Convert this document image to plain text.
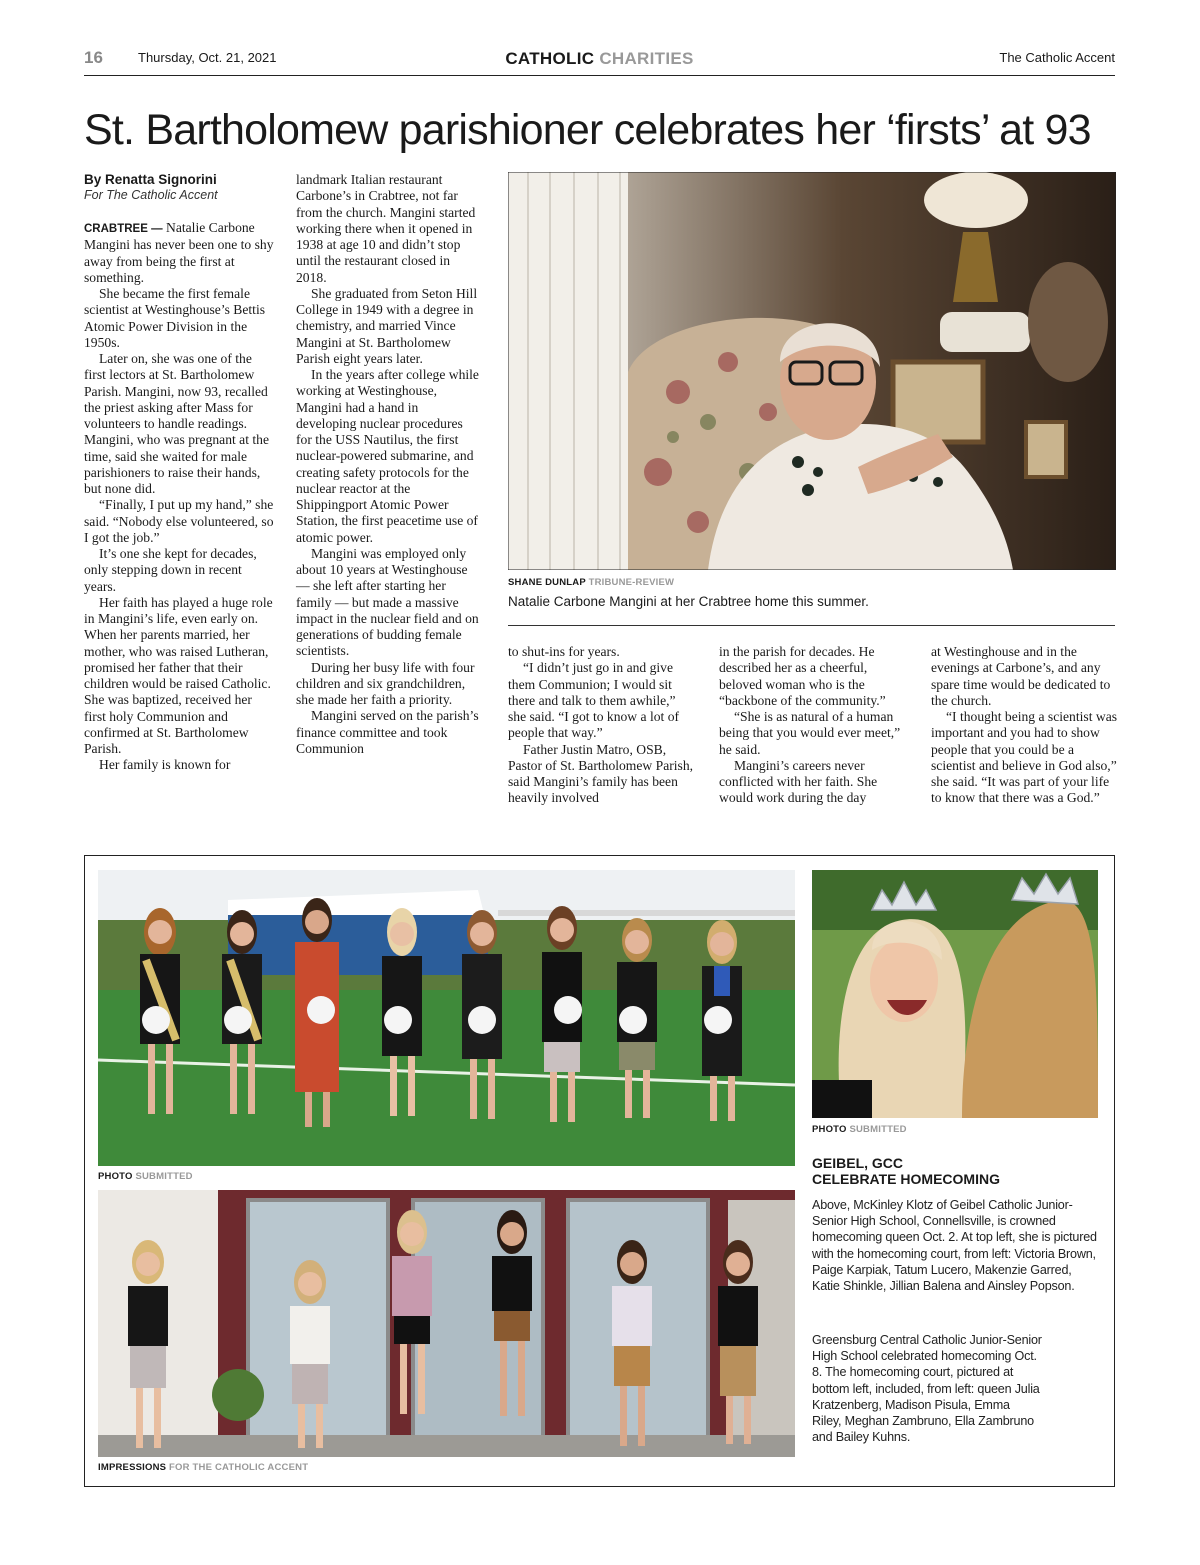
16	Thursday, Oct. 21, 2021	CATHOLIC CHARITIES	The Catholic Accent
St. Bartholomew parishioner celebrates her ‘firsts’ at 93
By Renatta Signorini
For The Catholic Accent

CRABTREE — Natalie Carbone Mangini has never been one to shy away from being the first at something.

She became the first female scientist at Westinghouse’s Bettis Atomic Power Division in the 1950s.

Later on, she was one of the first lectors at St. Bartholomew Parish. Mangini, now 93, recalled the priest asking after Mass for volunteers to handle readings. Mangini, who was pregnant at the time, said she waited for male parishioners to raise their hands, but none did.

“Finally, I put up my hand,” she said. “Nobody else volunteered, so I got the job.”

It’s one she kept for decades, only stepping down in recent years.

Her faith has played a huge role in Mangini’s life, even early on. When her parents married, her mother, who was raised Lutheran, promised her father that their children would be raised Catholic. She was baptized, received her first holy Communion and confirmed at St. Bartholomew Parish.

Her family is known for

landmark Italian restaurant Carbone’s in Crabtree, not far from the church. Mangini started working there when it opened in 1938 at age 10 and didn’t stop until the restaurant closed in 2018.

She graduated from Seton Hill College in 1949 with a degree in chemistry, and married Vince Mangini at St. Bartholomew Parish eight years later.

In the years after college while working at Westinghouse, Mangini had a hand in developing nuclear procedures for the USS Nautilus, the first nuclear-powered submarine, and creating safety protocols for the nuclear reactor at the Shippingport Atomic Power Station, the first peacetime use of atomic power.

Mangini was employed only about 10 years at Westinghouse — she left after starting her family — but made a massive impact in the nuclear field and on generations of budding female scientists.

During her busy life with four children and six grandchildren, she made her faith a priority.

Mangini served on the parish’s finance committee and took Communion

SHANE DUNLAP TRIBUNE-REVIEW
Natalie Carbone Mangini at her Crabtree home this summer.

to shut-ins for years.

“I didn’t just go in and give them Communion; I would sit there and talk to them awhile,” she said. “I got to know a lot of people that way.”

Father Justin Matro, OSB, Pastor of St. Bartholomew Parish, said Mangini’s family has been heavily involved

in the parish for decades. He described her as a cheerful, beloved woman who is the “backbone of the community.”

“She is as natural of a human being that you would ever meet,” he said.

Mangini’s careers never conflicted with her faith. She would work during the day

at Westinghouse and in the evenings at Carbone’s, and any spare time would be dedicated to the church.

“I thought being a scientist was important and you had to show people that you could be a scientist and believe in God also,” she said. “It was part of your life to know that there was a God.”

PHOTO SUBMITTED
PHOTO SUBMITTED
IMPRESSIONS FOR THE CATHOLIC ACCENT
GEIBEL, GCC
CELEBRATE HOMECOMING
Above, McKinley Klotz of Geibel Catholic Junior-Senior High School, Connellsville, is crowned homecoming queen Oct. 2. At top left, she is pictured with the homecoming court, from left: Victoria Brown, Paige Karpiak, Tatum Lucero, Makenzie Garred, Katie Shinkle, Jillian Balena and Ainsley Popson.
Greensburg Central Catholic Junior-Senior High School celebrated homecoming Oct. 8. The homecoming court, pictured at bottom left, included, from left: queen Julia Kratzenberg, Madison Pisula, Emma Riley, Meghan Zambruno, Ella Zambruno and Bailey Kuhns.
